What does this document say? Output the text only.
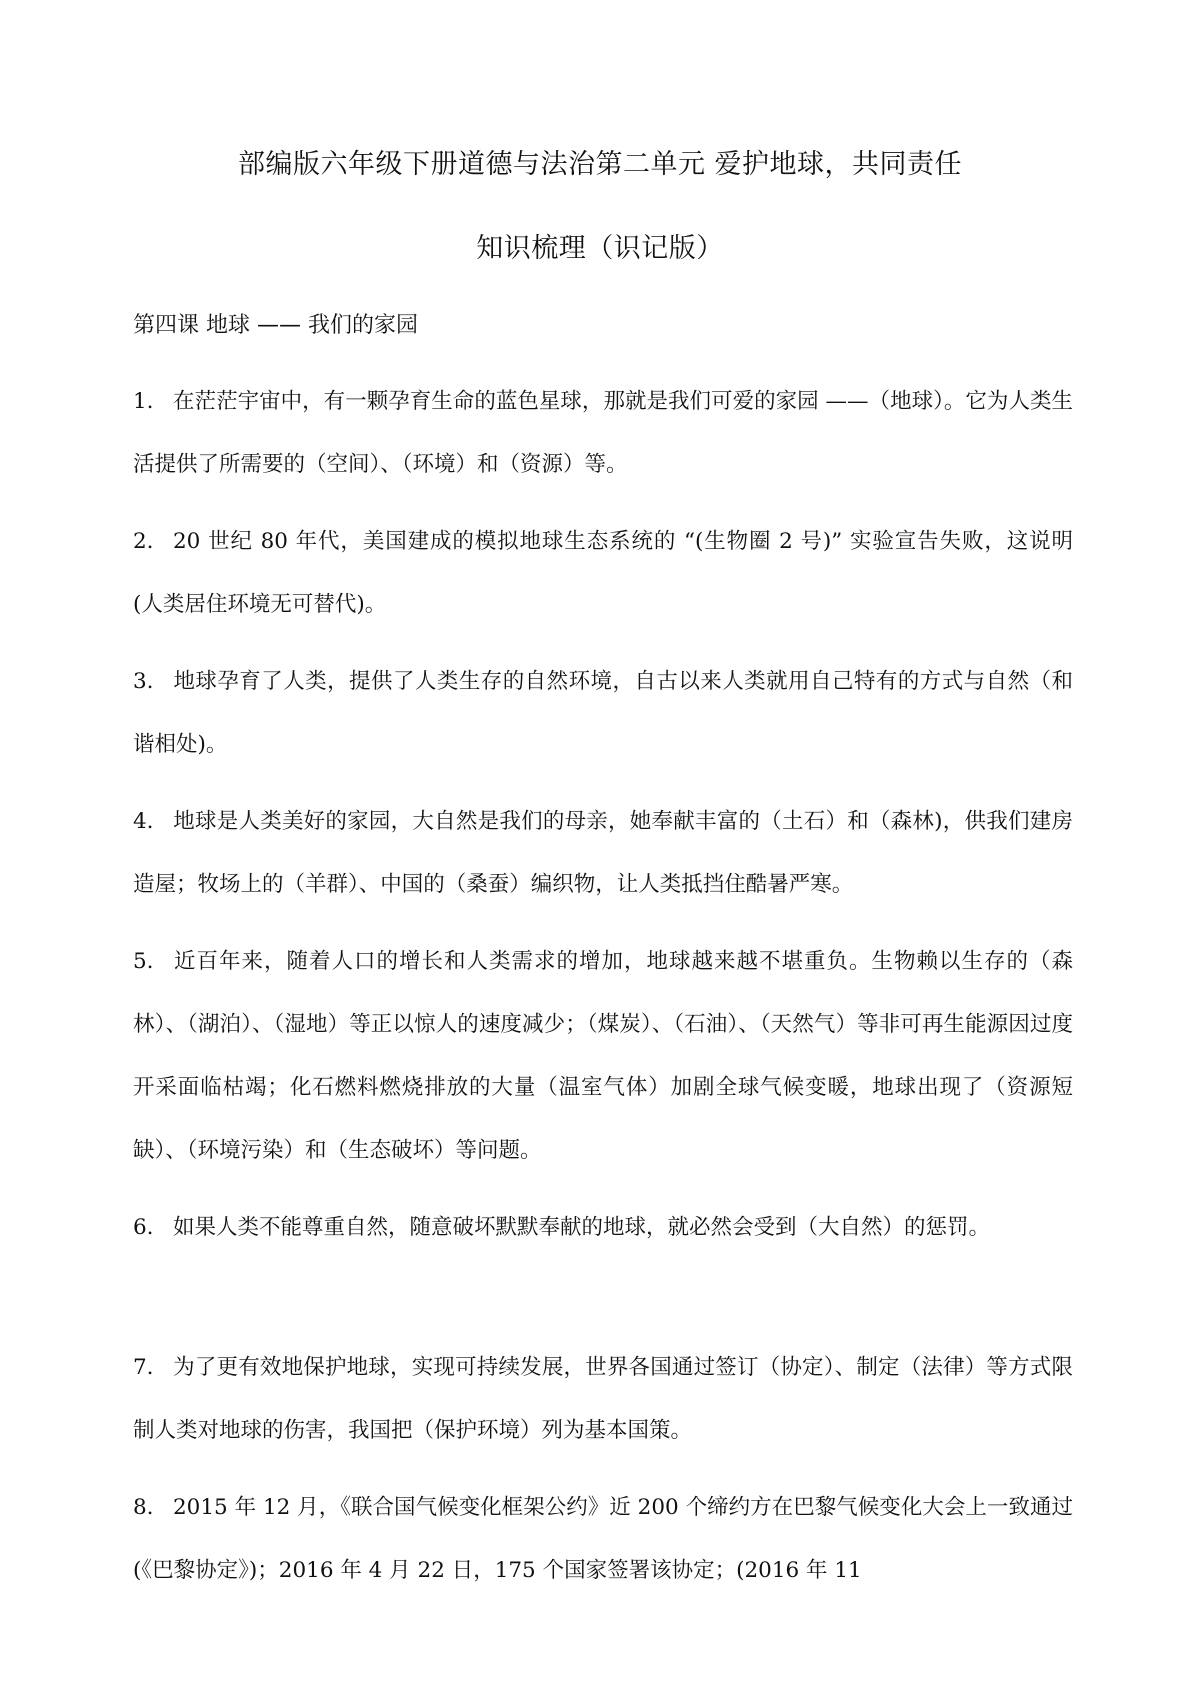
部编版六年级下册道德与法治第二单元 爱护地球，共同责任
知识梳理（识记版）
第四课 地球 —— 我们的家园

1. 在茫茫宇宙中，有一颗孕育生命的蓝色星球，那就是我们可爱的家园 ——（地球）。它为人类生活提供了所需要的（空间）、（环境）和（资源）等。

2. 20 世纪 80 年代，美国建成的模拟地球生态系统的 “(生物圈 2 号)” 实验宣告失败，这说明 (人类居住环境无可替代)。

3. 地球孕育了人类，提供了人类生存的自然环境，自古以来人类就用自己特有的方式与自然（和谐相处)。

4. 地球是人类美好的家园，大自然是我们的母亲，她奉献丰富的（土石）和（森林)，供我们建房造屋；牧场上的（羊群）、中国的（桑蚕）编织物，让人类抵挡住酷暑严寒。

5. 近百年来，随着人口的增长和人类需求的增加，地球越来越不堪重负。生物赖以生存的（森林）、（湖泊）、（湿地）等正以惊人的速度减少；（煤炭）、（石油）、（天然气）等非可再生能源因过度开采面临枯竭；化石燃料燃烧排放的大量（温室气体）加剧全球气候变暖，地球出现了（资源短缺）、（环境污染）和（生态破坏）等问题。

6. 如果人类不能尊重自然，随意破坏默默奉献的地球，就必然会受到（大自然）的惩罚。

7. 为了更有效地保护地球，实现可持续发展，世界各国通过签订（协定）、制定（法律）等方式限制人类对地球的伤害，我国把（保护环境）列为基本国策。

8. 2015 年 12 月，《联合国气候变化框架公约》近 200 个缔约方在巴黎气候变化大会上一致通过 (《巴黎协定》)；2016 年 4 月 22 日，175 个国家签署该协定；(2016 年 11
